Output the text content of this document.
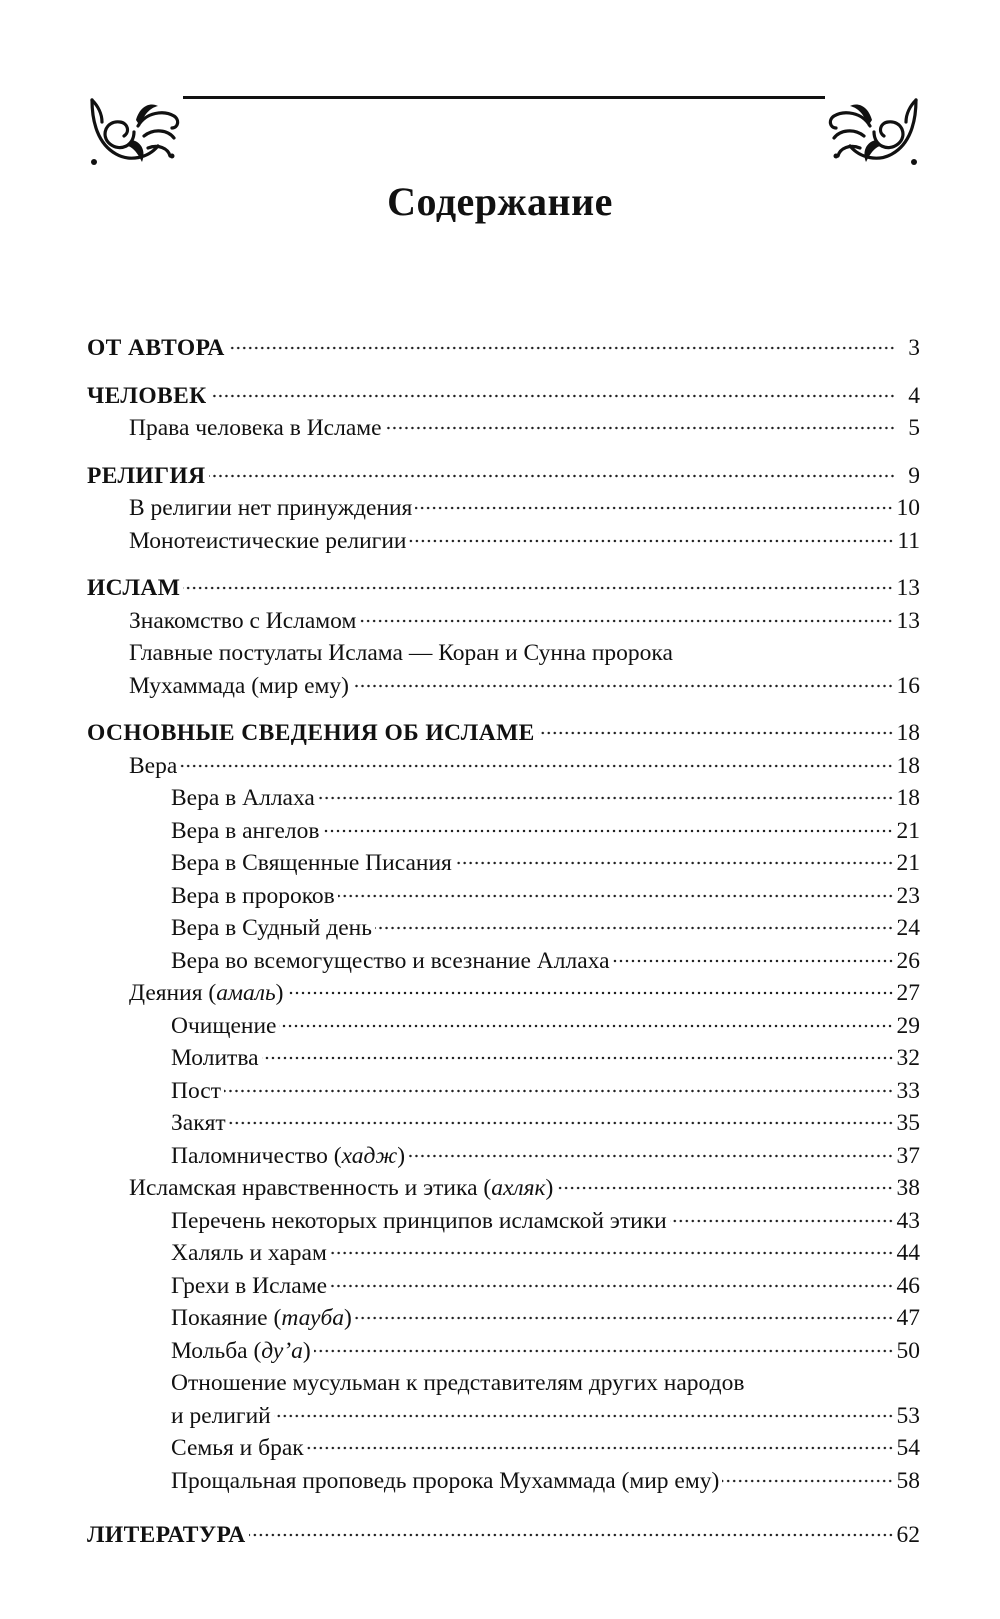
Содержание
ОТ АВТОРА	3
ЧЕЛОВЕК	4
Права человека в Исламе	5
РЕЛИГИЯ	9
В религии нет принуждения	10
Монотеистические религии	11
ИСЛАМ	13
Знакомство с Исламом	13
Главные постулаты Ислама — Коран и Сунна пророка
Мухаммада (мир ему)	16
ОСНОВНЫЕ СВЕДЕНИЯ ОБ ИСЛАМЕ	18
Вера	18
Вера в Аллаха	18
Вера в ангелов	21
Вера в Священные Писания	21
Вера в пророков	23
Вера в Судный день	24
Вера во всемогущество и всезнание Аллаха	26
Деяния (амаль)	27
Очищение	29
Молитва	32
Пост	33
Закят	35
Паломничество (хадж)	37
Исламская нравственность и этика (ахляк)	38
Перечень некоторых принципов исламской этики	43
Халяль и харам	44
Грехи в Исламе	46
Покаяние (тауба)	47
Мольба (ду’а)	50
Отношение мусульман к представителям других народов
и религий	53
Семья и брак	54
Прощальная проповедь пророка Мухаммада (мир ему)	58
ЛИТЕРАТУРА	62
